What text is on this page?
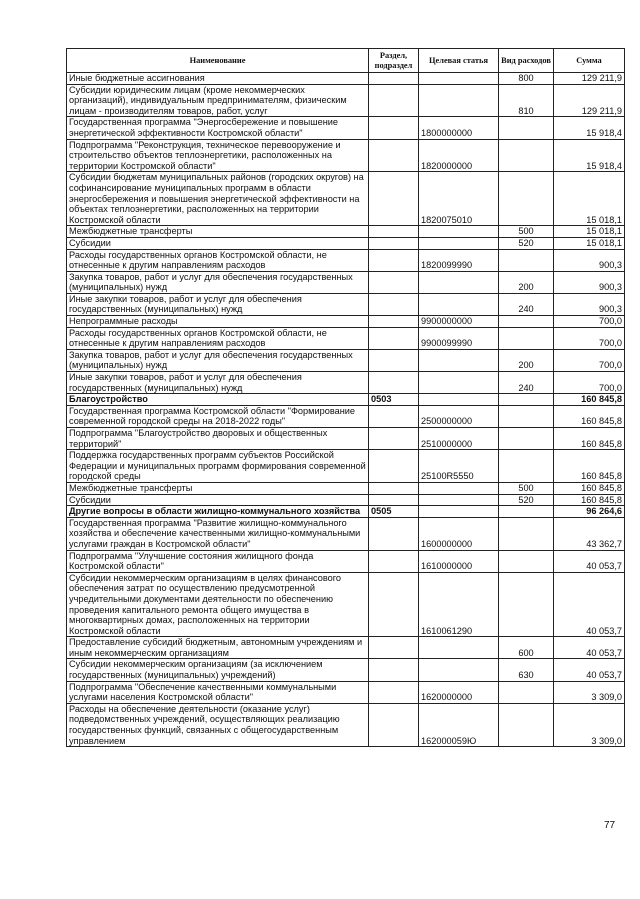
Наименование	Раздел, подраздел	Целевая статья	Вид расходов	Сумма
Иные бюджетные ассигнования			800	129 211,9
Субсидии юридическим лицам (кроме некоммерческих организаций), индивидуальным предпринимателям, физическим лицам - производителям товаров, работ, услуг			810	129 211,9
Государственная программа "Энергосбережение и повышение энергетической эффективности Костромской области"		1800000000		15 918,4
Подпрограмма "Реконструкция, техническое перевооружение и строительство объектов теплоэнергетики, расположенных на территории Костромской области"		1820000000		15 918,4
Субсидии бюджетам муниципальных районов (городских округов) на софинансирование муниципальных программ в области энергосбережения и повышения энергетической эффективности на объектах теплоэнергетики, расположенных на территории Костромской области		1820075010		15 018,1
Межбюджетные трансферты			500	15 018,1
Субсидии			520	15 018,1
Расходы государственных органов Костромской области, не отнесенные к другим направлениям расходов		1820099990		900,3
Закупка товаров, работ и услуг для обеспечения государственных (муниципальных) нужд			200	900,3
Иные закупки товаров, работ и услуг для обеспечения государственных (муниципальных) нужд			240	900,3
Непрограммные расходы		9900000000		700,0
Расходы государственных органов Костромской области, не отнесенные к другим направлениям расходов		9900099990		700,0
Закупка товаров, работ и услуг для обеспечения государственных (муниципальных) нужд			200	700,0
Иные закупки товаров, работ и услуг для обеспечения государственных (муниципальных) нужд			240	700,0
Благоустройство	0503			160 845,8
Государственная программа Костромской области "Формирование современной городской среды на 2018-2022 годы"		2500000000		160 845,8
Подпрограмма "Благоустройство дворовых и общественных территорий"		2510000000		160 845,8
Поддержка государственных программ субъектов Российской Федерации и муниципальных программ формирования современной городской среды		25100R5550		160 845,8
Межбюджетные трансферты			500	160 845,8
Субсидии			520	160 845,8
Другие вопросы в области жилищно-коммунального хозяйства	0505			96 264,6
Государственная программа "Развитие жилищно-коммунального хозяйства и обеспечение качественными жилищно-коммунальными услугами граждан в Костромской области"		1600000000		43 362,7
Подпрограмма "Улучшение состояния жилищного фонда Костромской области"		1610000000		40 053,7
Субсидии некоммерческим организациям в целях финансового обеспечения затрат по осуществлению предусмотренной учредительными документами деятельности по обеспечению проведения капитального ремонта общего имущества в многоквартирных домах, расположенных на территории Костромской области		1610061290		40 053,7
Предоставление субсидий бюджетным, автономным учреждениям и иным некоммерческим организациям			600	40 053,7
Субсидии некоммерческим организациям (за исключением государственных (муниципальных) учреждений)			630	40 053,7
Подпрограмма "Обеспечение качественными коммунальными услугами населения Костромской области"		1620000000		3 309,0
Расходы на обеспечение деятельности (оказание услуг) подведомственных учреждений, осуществляющих реализацию государственных функций, связанных с общегосударственным управлением		162000059Ю		3 309,0
77
